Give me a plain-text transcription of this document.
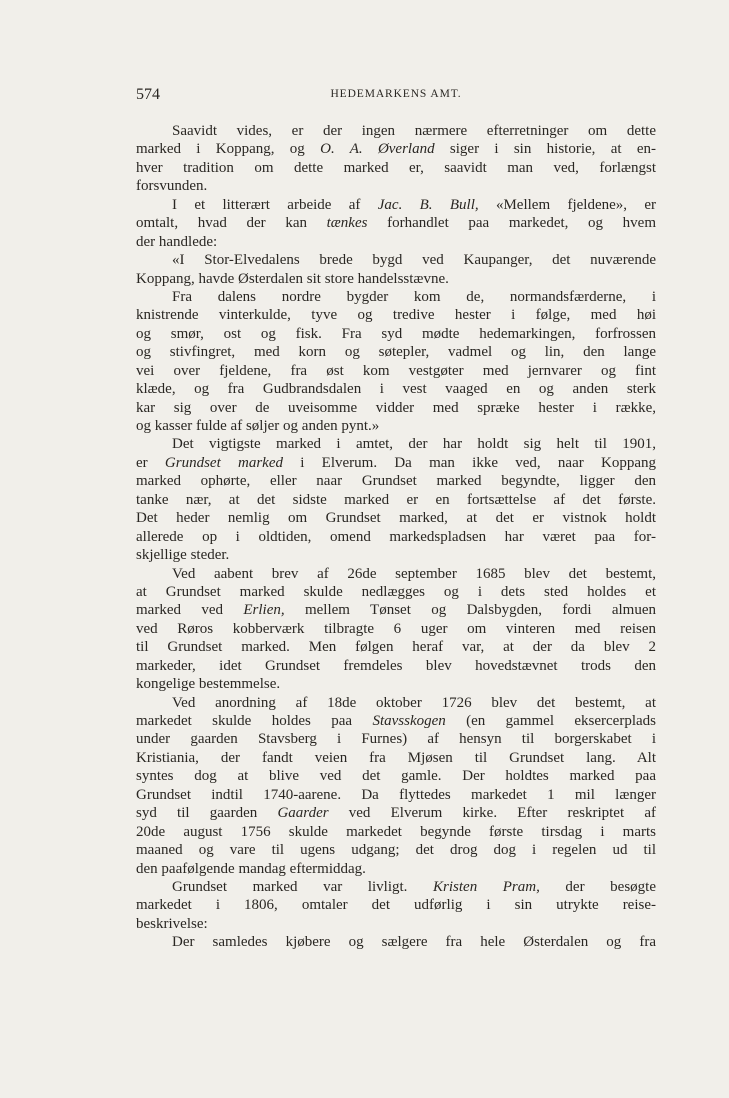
574	HEDEMARKENS AMT.
Saavidt vides, er der ingen nærmere efterretninger om dette
marked i Koppang, og O. A. Øverland siger i sin historie, at en-
hver tradition om dette marked er, saavidt man ved, forlængst
forsvunden.
I et litterært arbeide af Jac. B. Bull, «Mellem fjeldene», er
omtalt, hvad der kan tænkes forhandlet paa markedet, og hvem
der handlede:
«I Stor-Elvedalens brede bygd ved Kaupanger, det nuværende
Koppang, havde Østerdalen sit store handelsstævne.
Fra dalens nordre bygder kom de, normandsfærderne, i
knistrende vinterkulde, tyve og tredive hester i følge, med høi
og smør, ost og fisk. Fra syd mødte hedemarkingen, forfrossen
og stivfingret, med korn og søtepler, vadmel og lin, den lange
vei over fjeldene, fra øst kom vestgøter med jernvarer og fint
klæde, og fra Gudbrandsdalen i vest vaaged en og anden sterk
kar sig over de uveisomme vidder med spræke hester i række,
og kasser fulde af søljer og anden pynt.»
Det vigtigste marked i amtet, der har holdt sig helt til 1901,
er Grundset marked i Elverum. Da man ikke ved, naar Koppang
marked ophørte, eller naar Grundset marked begyndte, ligger den
tanke nær, at det sidste marked er en fortsættelse af det første.
Det heder nemlig om Grundset marked, at det er vistnok holdt
allerede op i oldtiden, omend markedspladsen har været paa for-
skjellige steder.
Ved aabent brev af 26de september 1685 blev det bestemt,
at Grundset marked skulde nedlægges og i dets sted holdes et
marked ved Erlien, mellem Tønset og Dalsbygden, fordi almuen
ved Røros kobberværk tilbragte 6 uger om vinteren med reisen
til Grundset marked. Men følgen heraf var, at der da blev 2
markeder, idet Grundset fremdeles blev hovedstævnet trods den
kongelige bestemmelse.
Ved anordning af 18de oktober 1726 blev det bestemt, at
markedet skulde holdes paa Stavsskogen (en gammel eksercerplads
under gaarden Stavsberg i Furnes) af hensyn til borgerskabet i
Kristiania, der fandt veien fra Mjøsen til Grundset lang. Alt
syntes dog at blive ved det gamle. Der holdtes marked paa
Grundset indtil 1740-aarene. Da flyttedes markedet 1 mil længer
syd til gaarden Gaarder ved Elverum kirke. Efter reskriptet af
20de august 1756 skulde markedet begynde første tirsdag i marts
maaned og vare til ugens udgang; det drog dog i regelen ud til
den paafølgende mandag eftermiddag.
Grundset marked var livligt. Kristen Pram, der besøgte
markedet i 1806, omtaler det udførlig i sin utrykte reise-
beskrivelse:
Der samledes kjøbere og sælgere fra hele Østerdalen og fra
